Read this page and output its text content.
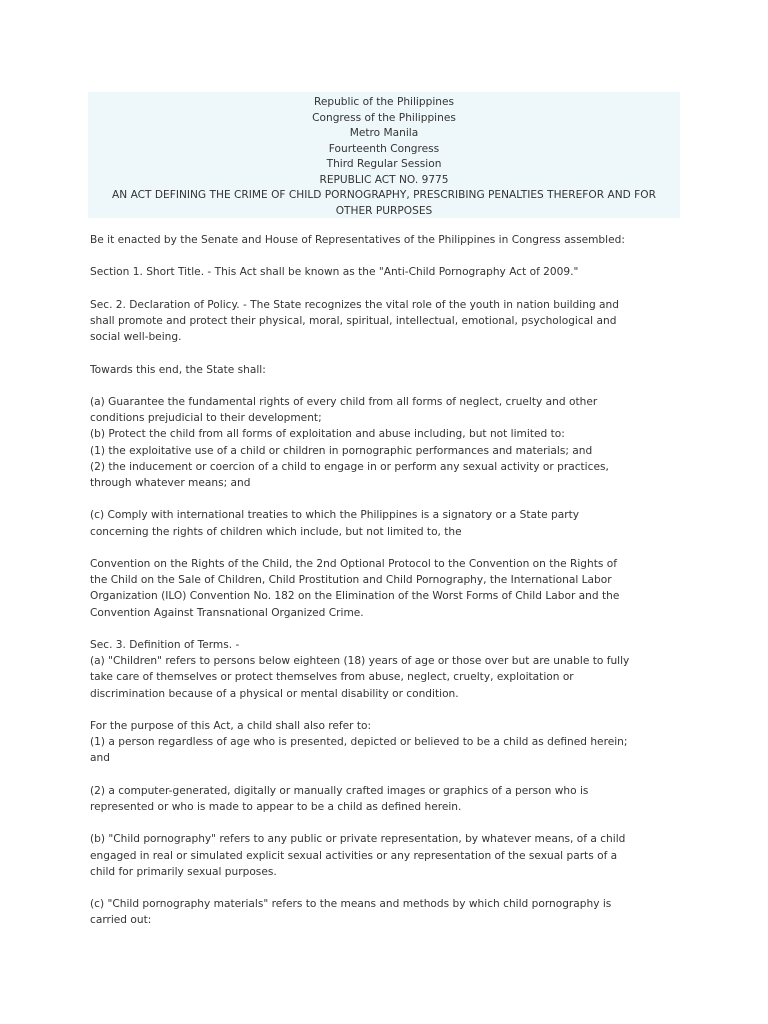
Republic of the Philippines
Congress of the Philippines
Metro Manila
Fourteenth Congress
Third Regular Session
REPUBLIC ACT NO. 9775
AN ACT DEFINING THE CRIME OF CHILD PORNOGRAPHY, PRESCRIBING PENALTIES THEREFOR AND FOR OTHER PURPOSES

Be it enacted by the Senate and House of Representatives of the Philippines in Congress assembled:

Section 1. Short Title. - This Act shall be known as the "Anti-Child Pornography Act of 2009."

Sec. 2. Declaration of Policy. - The State recognizes the vital role of the youth in nation building and
shall promote and protect their physical, moral, spiritual, intellectual, emotional, psychological and
social well-being.

Towards this end, the State shall:

(a) Guarantee the fundamental rights of every child from all forms of neglect, cruelty and other
conditions prejudicial to their development;
(b) Protect the child from all forms of exploitation and abuse including, but not limited to:
(1) the exploitative use of a child or children in pornographic performances and materials; and
(2) the inducement or coercion of a child to engage in or perform any sexual activity or practices,
through whatever means; and

(c) Comply with international treaties to which the Philippines is a signatory or a State party
concerning the rights of children which include, but not limited to, the

Convention on the Rights of the Child, the 2nd Optional Protocol to the Convention on the Rights of
the Child on the Sale of Children, Child Prostitution and Child Pornography, the International Labor
Organization (ILO) Convention No. 182 on the Elimination of the Worst Forms of Child Labor and the
Convention Against Transnational Organized Crime.

Sec. 3. Definition of Terms. -
(a) "Children" refers to persons below eighteen (18) years of age or those over but are unable to fully
take care of themselves or protect themselves from abuse, neglect, cruelty, exploitation or
discrimination because of a physical or mental disability or condition.

For the purpose of this Act, a child shall also refer to:
(1) a person regardless of age who is presented, depicted or believed to be a child as defined herein;
and

(2) a computer-generated, digitally or manually crafted images or graphics of a person who is
represented or who is made to appear to be a child as defined herein.

(b) "Child pornography" refers to any public or private representation, by whatever means, of a child
engaged in real or simulated explicit sexual activities or any representation of the sexual parts of a
child for primarily sexual purposes.

(c) "Child pornography materials" refers to the means and methods by which child pornography is
carried out:
